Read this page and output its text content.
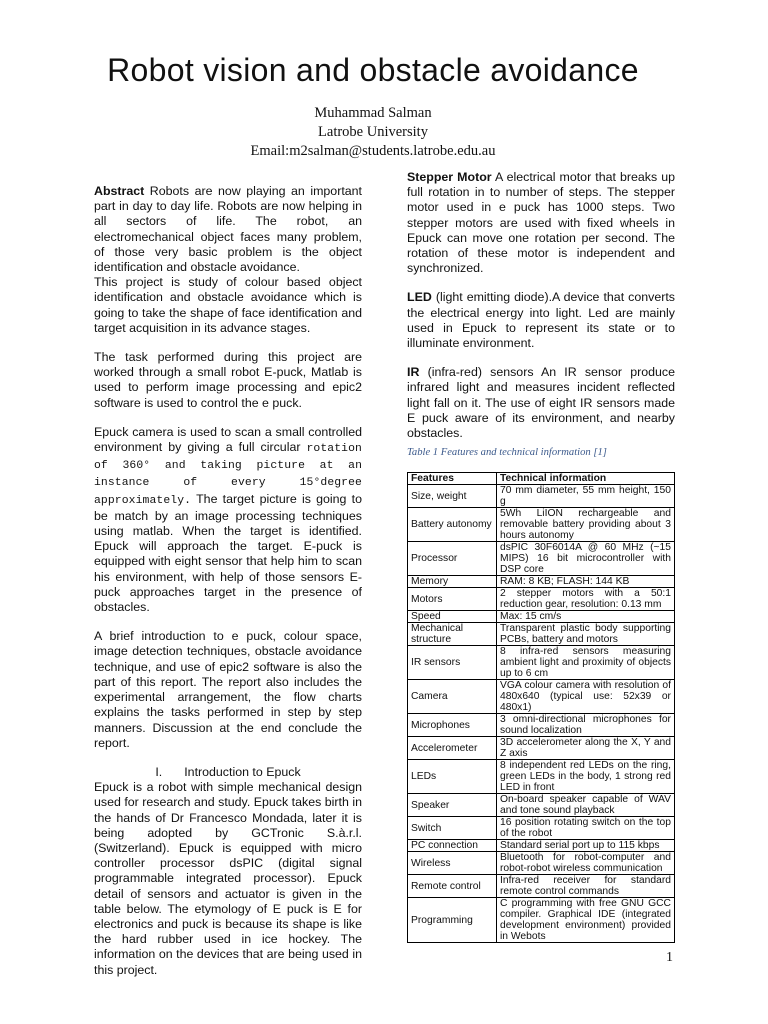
Robot vision and obstacle avoidance
Muhammad Salman
Latrobe University
Email:m2salman@students.latrobe.edu.au

Abstract Robots are now playing an important part in day to day life. Robots are now helping in all sectors of life. The robot, an electromechanical object faces many problem, of those very basic problem is the object identification and obstacle avoidance.
This project is study of colour based object identification and obstacle avoidance which is going to take the shape of face identification and target acquisition in its advance stages.

The task performed during this project are worked through a small robot E-puck, Matlab is used to perform image processing and epic2 software is used to control the e puck.

Epuck camera is used to scan a small controlled environment by giving a full circular rotation of 360° and taking picture at an instance of every 15°degree approximately. The target picture is going to be match by an image processing techniques using matlab. When the target is identified. Epuck will approach the target. E-puck is equipped with eight sensor that help him to scan his environment, with help of those sensors E-puck approaches target in the presence of obstacles.

A brief introduction to e puck, colour space, image detection techniques, obstacle avoidance technique, and use of epic2 software is also the part of this report. The report also includes the experimental arrangement, the flow charts explains the tasks performed in step by step manners. Discussion at the end conclude the report.

I. Introduction to Epuck

Epuck is a robot with simple mechanical design used for research and study. Epuck takes birth in the hands of Dr Francesco Mondada, later it is being adopted by GCTronic S.à.r.l. (Switzerland). Epuck is equipped with micro controller processor dsPIC (digital signal programmable integrated processor). Epuck detail of sensors and actuator is given in the table below. The etymology of E puck is E for electronics and puck is because its shape is like the hard rubber used in ice hockey. The information on the devices that are being used in this project.

Stepper Motor A electrical motor that breaks up full rotation in to number of steps. The stepper motor used in e puck has 1000 steps. Two stepper motors are used with fixed wheels in Epuck can move one rotation per second. The rotation of these motor is independent and synchronized.

LED (light emitting diode).A device that converts the electrical energy into light. Led are mainly used in Epuck to represent its state or to illuminate environment.

IR (infra-red) sensors An IR sensor produce infrared light and measures incident reflected light fall on it. The use of eight IR sensors made E puck aware of its environment, and nearby obstacles.

Table 1 Features and technical information [1]
Features	Technical information
Size, weight	70 mm diameter, 55 mm height, 150 g
Battery autonomy	5Wh LiION rechargeable and removable battery providing about 3 hours autonomy
Processor	dsPIC 30F6014A @ 60 MHz (~15 MIPS) 16 bit microcontroller with DSP core
Memory	RAM: 8 KB; FLASH: 144 KB
Motors	2 stepper motors with a 50:1 reduction gear, resolution: 0.13 mm
Speed	Max: 15 cm/s
Mechanical structure	Transparent plastic body supporting PCBs, battery and motors
IR sensors	8 infra-red sensors measuring ambient light and proximity of objects up to 6 cm
Camera	VGA colour camera with resolution of 480x640 (typical use: 52x39 or 480x1)
Microphones	3 omni-directional microphones for sound localization
Accelerometer	3D accelerometer along the X, Y and Z axis
LEDs	8 independent red LEDs on the ring, green LEDs in the body, 1 strong red LED in front
Speaker	On-board speaker capable of WAV and tone sound playback
Switch	16 position rotating switch on the top of the robot
PC connection	Standard serial port up to 115 kbps
Wireless	Bluetooth for robot-computer and robot-robot wireless communication
Remote control	Infra-red receiver for standard remote control commands
Programming	C programming with free GNU GCC compiler. Graphical IDE (integrated development environment) provided in Webots
1
